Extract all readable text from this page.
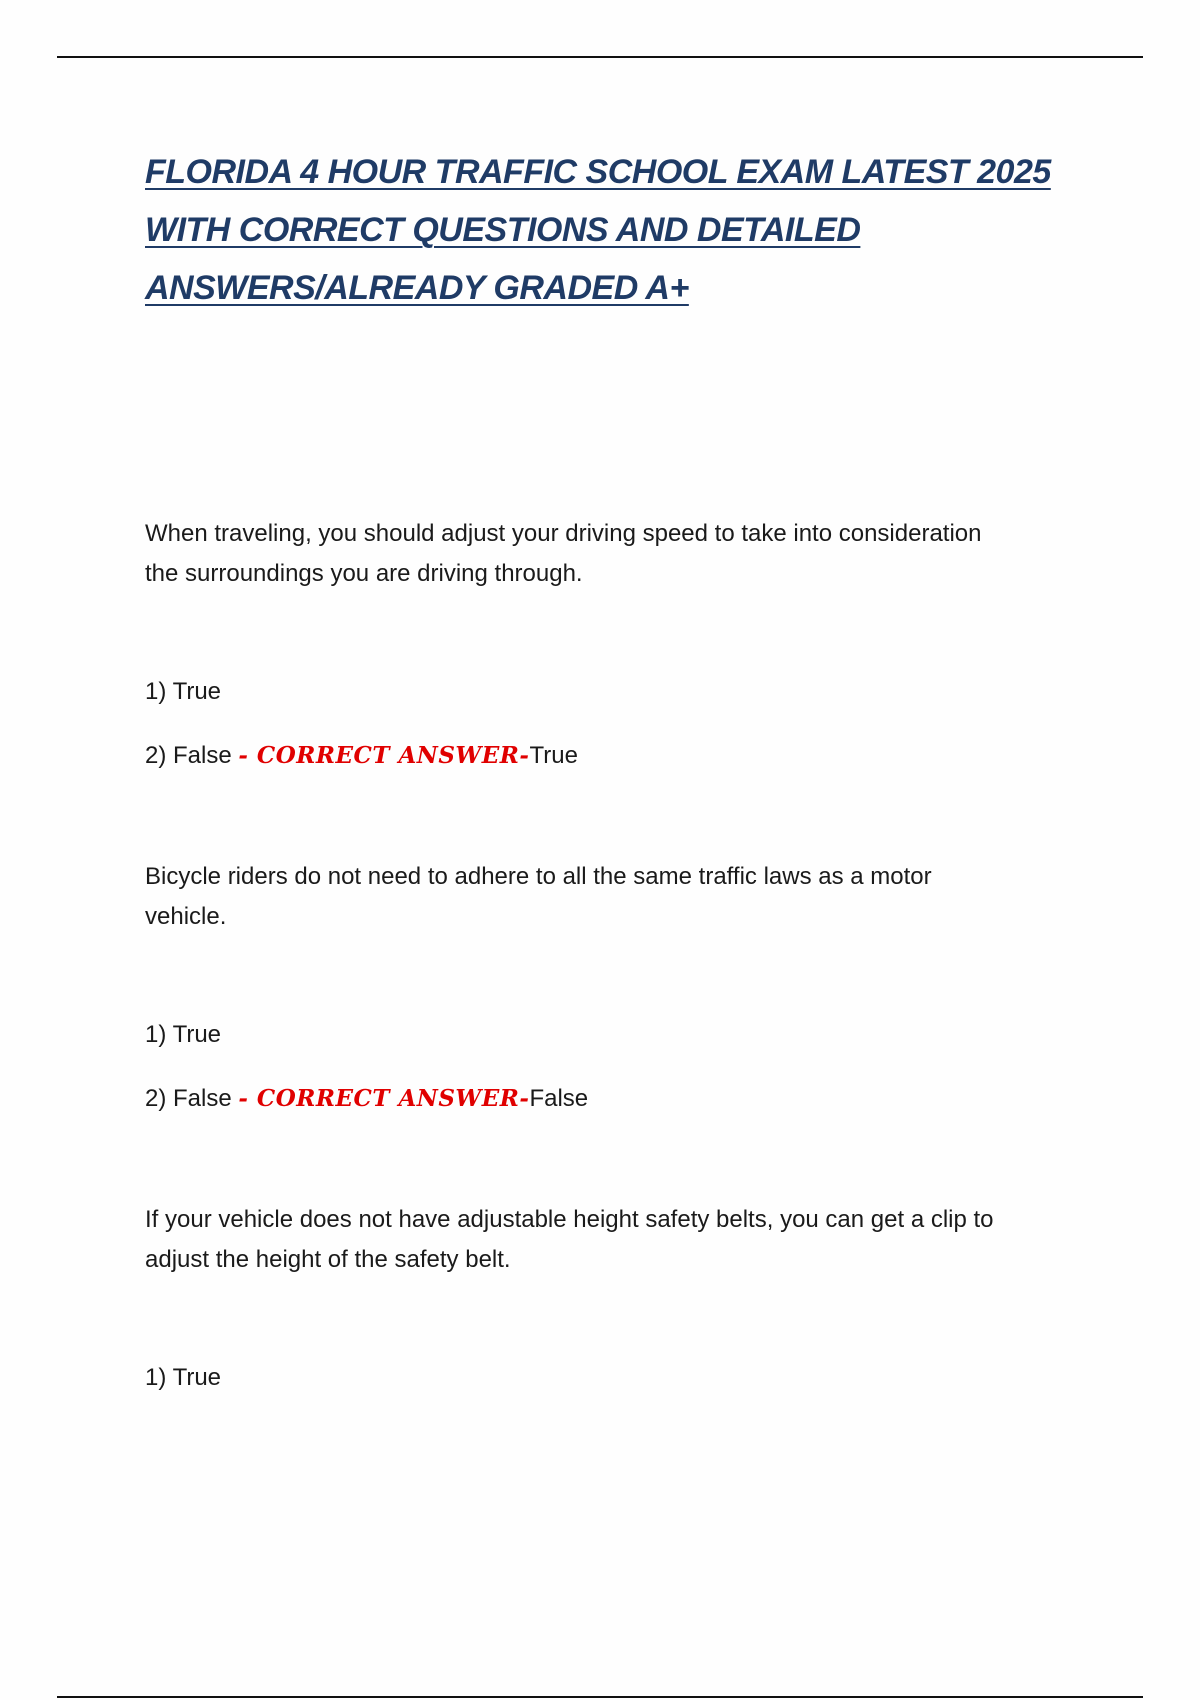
FLORIDA 4 HOUR TRAFFIC SCHOOL EXAM LATEST 2025
WITH CORRECT QUESTIONS AND DETAILED
ANSWERS/ALREADY GRADED A+

When traveling, you should adjust your driving speed to take into consideration
the surroundings you are driving through.

1) True

2) False - CORRECT ANSWER-True

Bicycle riders do not need to adhere to all the same traffic laws as a motor
vehicle.

1) True

2) False - CORRECT ANSWER-False

If your vehicle does not have adjustable height safety belts, you can get a clip to
adjust the height of the safety belt.

1) True
